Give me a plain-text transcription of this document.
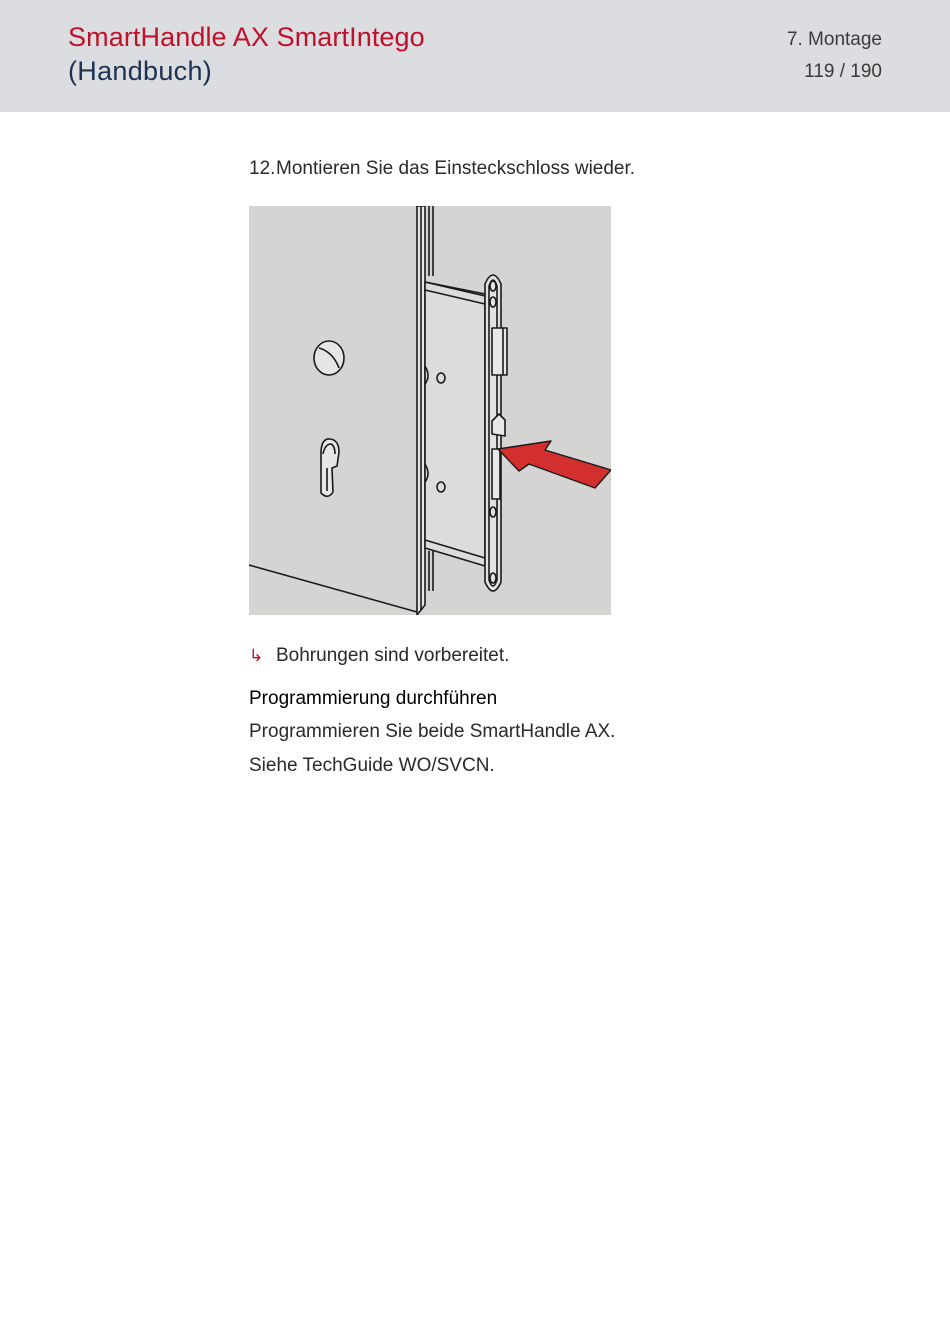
SmartHandle AX SmartIntego
(Handbuch)
7. Montage
119 / 190
12.Montieren Sie das Einsteckschloss wieder.
↳ Bohrungen sind vorbereitet.
Programmierung durchführen
Programmieren Sie beide SmartHandle AX.
Siehe TechGuide WO/SVCN.
